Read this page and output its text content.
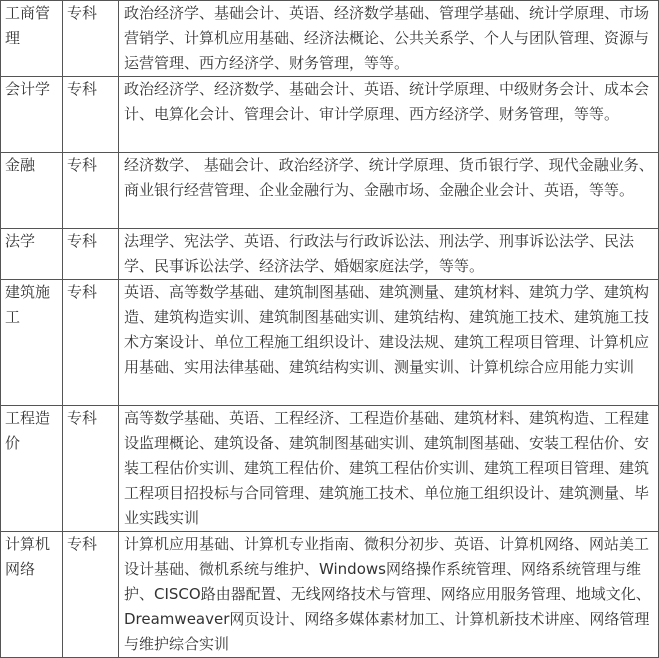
工商管理	专科	政治经济学、基础会计、英语、经济数学基础、管理学基础、统计学原理、市场营销学、计算机应用基础、经济法概论、公共关系学、个人与团队管理、资源与运营管理、西方经济学、财务管理，等等。
会计学	专科	政治经济学、经济数学、基础会计、英语、统计学原理、中级财务会计、成本会计、电算化会计、管理会计、审计学原理、西方经济学、财务管理，等等。
金融	专科	经济数学、 基础会计、政治经济学、统计学原理、货币银行学、现代金融业务、商业银行经营管理、企业金融行为、金融市场、金融企业会计、英语，等等。
法学	专科	法理学、宪法学、英语、行政法与行政诉讼法、刑法学、刑事诉讼法学、民法学、民事诉讼法学、经济法学、婚姻家庭法学，等等。
建筑施工	专科	英语、高等数学基础、建筑制图基础、建筑测量、建筑材料、建筑力学、建筑构造、建筑构造实训、建筑制图基础实训、建筑结构、建筑施工技术、建筑施工技术方案设计、单位工程施工组织设计、建设法规、建筑工程项目管理、计算机应用基础、实用法律基础、建筑结构实训、测量实训、计算机综合应用能力实训
工程造价	专科	高等数学基础、英语、工程经济、工程造价基础、建筑材料、建筑构造、工程建设监理概论、建筑设备、建筑制图基础实训、建筑制图基础、安装工程估价、安装工程估价实训、建筑工程估价、建筑工程估价实训、建筑工程项目管理、建筑工程项目招投标与合同管理、建筑施工技术、单位施工组织设计、建筑测量、毕业实践实训
计算机网络	专科	计算机应用基础、计算机专业指南、微积分初步、英语、计算机网络、网站美工设计基础、微机系统与维护、Windows网络操作系统管理、网络系统管理与维护、CISCO路由器配置、无线网络技术与管理、网络应用服务管理、地域文化、Dreamweaver网页设计、网络多媒体素材加工、计算机新技术讲座、网络管理与维护综合实训
